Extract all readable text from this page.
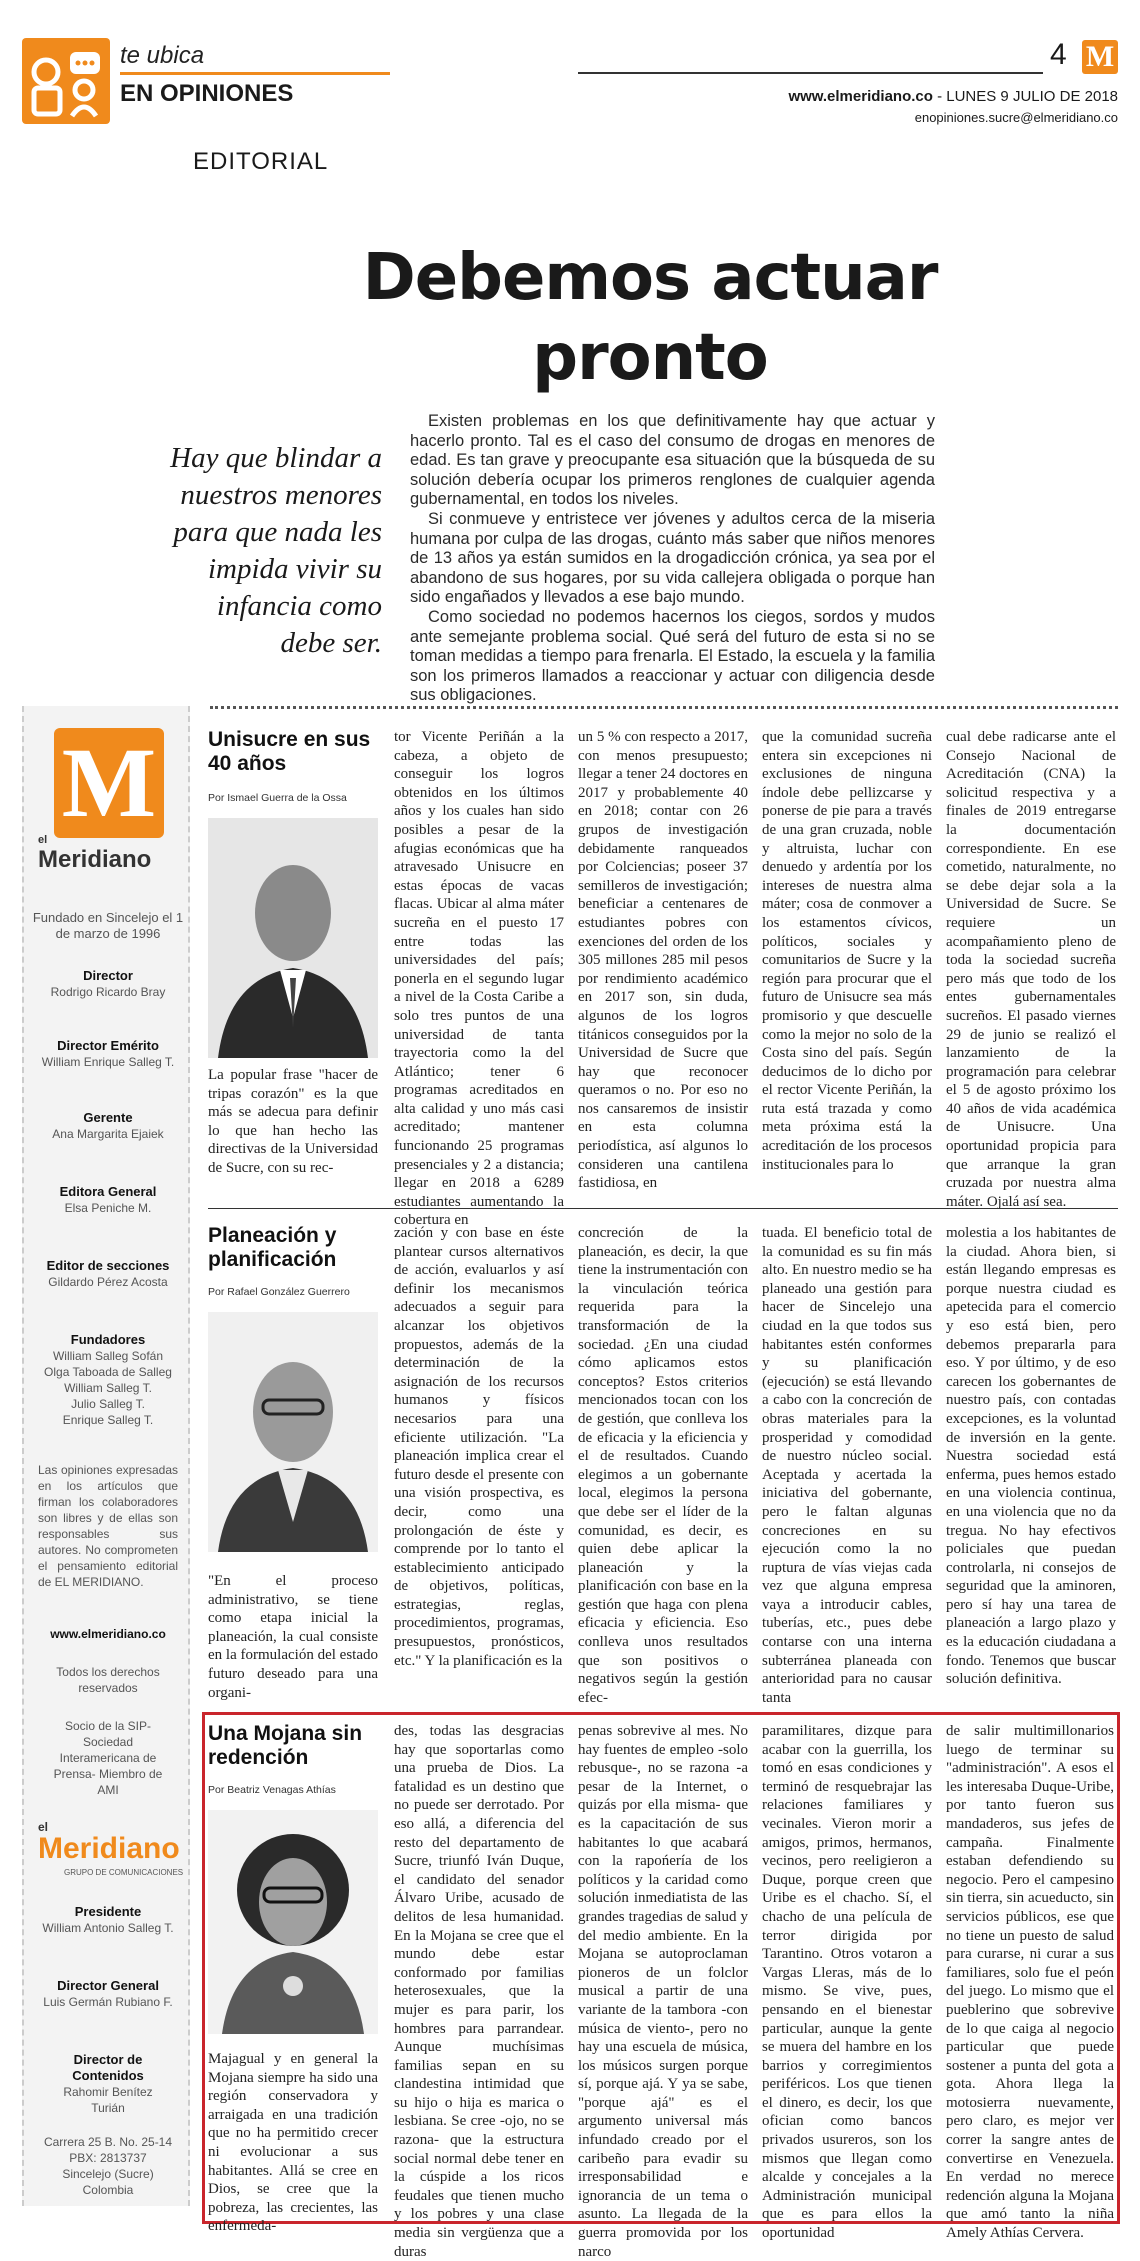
te ubica
EN OPINIONES
4 M
www.elmeridiano.co - LUNES 9 JULIO DE 2018
enopiniones.sucre@elmeridiano.co
EDITORIAL
Debemos actuar pronto
Hay que blindar a nuestros menores para que nada les impida vivir su infancia como debe ser.

Existen problemas en los que definitivamente hay que actuar y hacerlo pronto. Tal es el caso del consumo de drogas en menores de edad. Es tan grave y preocupante esa situación que la búsqueda de su solución debería ocupar los primeros renglones de cualquier agenda gubernamental, en todos los niveles.

Si conmueve y entristece ver jóvenes y adultos cerca de la miseria humana por culpa de las drogas, cuánto más saber que niños menores de 13 años ya están sumidos en la drogadicción crónica, ya sea por el abandono de sus hogares, por su vida callejera obligada o porque han sido engañados y llevados a ese bajo mundo.

Como sociedad no podemos hacernos los ciegos, sordos y mudos ante semejante problema social. Qué será del futuro de esta si no se toman medidas a tiempo para frenarla. El Estado, la escuela y la familia son los primeros llamados a reaccionar y actuar con diligencia desde sus obligaciones.

M
el
Meridiano
Fundado en Sincelejo el 1 de marzo de 1996
Director
Rodrigo Ricardo Bray
Director Emérito
William Enrique Salleg T.
Gerente
Ana Margarita Ejaiek
Editora General
Elsa Peniche M.
Editor de secciones
Gildardo Pérez Acosta
Fundadores
William Salleg Sofán
Olga Taboada de Salleg
William Salleg T.
Julio Salleg T.
Enrique Salleg T.
Las opiniones expresadas en los artículos que firman los colaboradores son libres y de ellas son responsables sus autores. No comprometen el pensamiento editorial de EL MERIDIANO.
www.elmeridiano.co
Todos los derechos reservados
Socio de la SIP- Sociedad Interamericana de Prensa- Miembro de AMI
el
Meridiano
GRUPO DE COMUNICACIONES
Presidente
William Antonio Salleg T.
Director General
Luis Germán Rubiano F.
Director de Contenidos
Rahomir Benítez Turián
Carrera 25 B. No. 25-14
PBX: 2813737
Sincelejo (Sucre)
Colombia
Unisucre en sus 40 años
Por Ismael Guerra de la Ossa
La popular frase "hacer de tripas corazón" es la que más se adecua para definir lo que han hecho las directivas de la Universidad de Sucre, con su rec-
tor Vicente Periñán a la cabeza, a objeto de conseguir los logros obtenidos en los últimos años y los cuales han sido posibles a pesar de la afugias económicas que ha atravesado Unisucre en estas épocas de vacas flacas. Ubicar al alma máter sucreña en el puesto 17 entre todas las universidades del país; ponerla en el segundo lugar a nivel de la Costa Caribe a solo tres puntos de una universidad de tanta trayectoria como la del Atlántico; tener 6 programas acreditados en alta calidad y uno más casi acreditado; mantener funcionando 25 programas presenciales y 2 a distancia; llegar en 2018 a 6289 estudiantes aumentando la cobertura en
un 5 % con respecto a 2017, con menos presupuesto; llegar a tener 24 doctores en 2017 y probablemente 40 en 2018; contar con 26 grupos de investigación debidamente ranqueados por Colciencias; poseer 37 semilleros de investigación; beneficiar a centenares de estudiantes pobres con exenciones del orden de los 305 millones 285 mil pesos por rendimiento académico en 2017 son, sin duda, algunos de los logros titánicos conseguidos por la Universidad de Sucre que hay que reconocer queramos o no. Por eso no nos cansaremos de insistir en esta columna periodística, así algunos lo consideren una cantilena fastidiosa, en
que la comunidad sucreña entera sin excepciones ni exclusiones de ninguna índole debe pellizcarse y ponerse de pie para a través de una gran cruzada, noble y altruista, luchar con denuedo y ardentía por los intereses de nuestra alma máter; cosa de conmover a los estamentos cívicos, políticos, sociales y comunitarios de Sucre y la región para procurar que el futuro de Unisucre sea más promisorio y que descuelle como la mejor no solo de la Costa sino del país. Según deducimos de lo dicho por el rector Vicente Periñán, la ruta está trazada y como meta próxima está la acreditación de los procesos institucionales para lo
cual debe radicarse ante el Consejo Nacional de Acreditación (CNA) la solicitud respectiva y a finales de 2019 entregarse la documentación correspondiente. En ese cometido, naturalmente, no se debe dejar sola a la Universidad de Sucre. Se requiere un acompañamiento pleno de toda la sociedad sucreña pero más que todo de los entes gubernamentales sucreños. El pasado viernes 29 de junio se realizó el lanzamiento de la programación para celebrar el 5 de agosto próximo los 40 años de vida académica de Unisucre. Una oportunidad propicia para que arranque la gran cruzada por nuestra alma máter. Ojalá así sea.
Planeación y planificación
Por Rafael González Guerrero
"En el proceso administrativo, se tiene como etapa inicial la planeación, la cual consiste en la formulación del estado futuro deseado para una organi-
zación y con base en éste plantear cursos alternativos de acción, evaluarlos y así definir los mecanismos adecuados a seguir para alcanzar los objetivos propuestos, además de la determinación de la asignación de los recursos humanos y físicos necesarios para una eficiente utilización. "La planeación implica crear el futuro desde el presente con una visión prospectiva, es decir, como una prolongación de éste y comprende por lo tanto el establecimiento anticipado de objetivos, políticas, estrategias, reglas, procedimientos, programas, presupuestos, pronósticos, etc." Y la planificación es la
concreción de la planeación, es decir, la que tiene la instrumentación con la vinculación teórica requerida para la transformación de la sociedad. ¿En una ciudad cómo aplicamos estos conceptos? Estos criterios mencionados tocan con los de gestión, que conlleva los de eficacia y la eficiencia y el de resultados. Cuando elegimos a un gobernante local, elegimos la persona que debe ser el líder de la comunidad, es decir, es quien debe aplicar la planeación y la planificación con base en la gestión que haga con plena eficacia y eficiencia. Eso conlleva unos resultados que son positivos o negativos según la gestión efec-
tuada. El beneficio total de la comunidad es su fin más alto. En nuestro medio se ha planeado una gestión para hacer de Sincelejo una ciudad en la que todos sus habitantes estén conformes y su planificación (ejecución) se está llevando a cabo con la concreción de obras materiales para la prosperidad y comodidad de nuestro núcleo social. Aceptada y acertada la iniciativa del gobernante, pero le faltan algunas concreciones en su ejecución como la no ruptura de vías viejas cada vez que alguna empresa vaya a introducir cables, tuberías, etc., pues debe contarse con una interna subterránea planeada con anterioridad para no causar tanta
molestia a los habitantes de la ciudad. Ahora bien, si están llegando empresas es porque nuestra ciudad es apetecida para el comercio y eso está bien, pero debemos prepararla para eso. Y por último, y de eso carecen los gobernantes de nuestro país, con contadas excepciones, es la voluntad de inversión en la gente. Nuestra sociedad está enferma, pues hemos estado en una violencia continua, en una violencia que no da tregua. No hay efectivos policiales que puedan controlarla, ni consejos de seguridad que la aminoren, pero sí hay una tarea de planeación a largo plazo y es la educación ciudadana a fondo. Tenemos que buscar solución definitiva.
Una Mojana sin redención
Por Beatriz Venagas Athías
Majagual y en general la Mojana siempre ha sido una región conservadora y arraigada en una tradición que no ha permitido crecer ni evolucionar a sus habitantes. Allá se cree en Dios, se cree que la pobreza, las crecientes, las enfermeda-
des, todas las desgracias hay que soportarlas como una prueba de Dios. La fatalidad es un destino que no puede ser derrotado. Por eso allá, a diferencia del resto del departamento de Sucre, triunfó Iván Duque, el candidato del senador Álvaro Uribe, acusado de delitos de lesa humanidad. En la Mojana se cree que el mundo debe estar conformado por familias heterosexuales, que la mujer es para parir, los hombres para parrandear. Aunque muchísimas familias sepan en su clandestina intimidad que su hijo o hija es marica o lesbiana. Se cree -ojo, no se razona- que la estructura social normal debe tener en la cúspide a los ricos feudales que tienen mucho y los pobres y una clase media sin vergüenza que a duras
penas sobrevive al mes. No hay fuentes de empleo -solo rebusque-, no se razona -a pesar de la Internet, o quizás por ella misma- que es la capacitación de sus habitantes lo que acabará con la rapońería de los políticos y la caridad como solución inmediatista de las grandes tragedias de salud y del medio ambiente. En la Mojana se autoproclaman pioneros de un folclor musical a partir de una variante de la tambora -con música de viento-, pero no hay una escuela de música, los músicos surgen porque sí, porque ajá. Y ya se sabe, "porque ajá" es el argumento universal más infundado creado por el caribeño para evadir su irresponsabilidad e ignorancia de un tema o asunto. La llegada de la guerra promovida por los narco
paramilitares, dizque para acabar con la guerrilla, los tomó en esas condiciones y terminó de resquebrajar las relaciones familiares y vecinales. Vieron morir a amigos, primos, hermanos, vecinos, pero reeligieron a Duque, porque creen que Uribe es el chacho. Sí, el chacho de una película de terror dirigida por Tarantino. Otros votaron a Vargas Lleras, más de lo mismo. Se vive, pues, pensando en el bienestar particular, aunque la gente se muera del hambre en los barrios y corregimientos periféricos. Los que tienen el dinero, es decir, los que ofician como bancos privados usureros, son los mismos que llegan como alcalde y concejales a la Administración municipal que es para ellos la oportunidad
de salir multimillonarios luego de terminar su "administración". A esos el les interesaba Duque-Uribe, por tanto fueron sus mandaderos, sus jefes de campaña. Finalmente estaban defendiendo su negocio. Pero el campesino sin tierra, sin acueducto, sin servicios públicos, ese que no tiene un puesto de salud para curarse, ni curar a sus familiares, solo fue el peón del juego. Lo mismo que el pueblerino que sobrevive de lo que caiga al negocio particular que puede sostener a punta del gota a gota. Ahora llega la motosierra nuevamente, pero claro, es mejor ver correr la sangre antes de convertirse en Venezuela. En verdad no merece redención alguna la Mojana que amó tanto la niña Amely Athías Cervera.
